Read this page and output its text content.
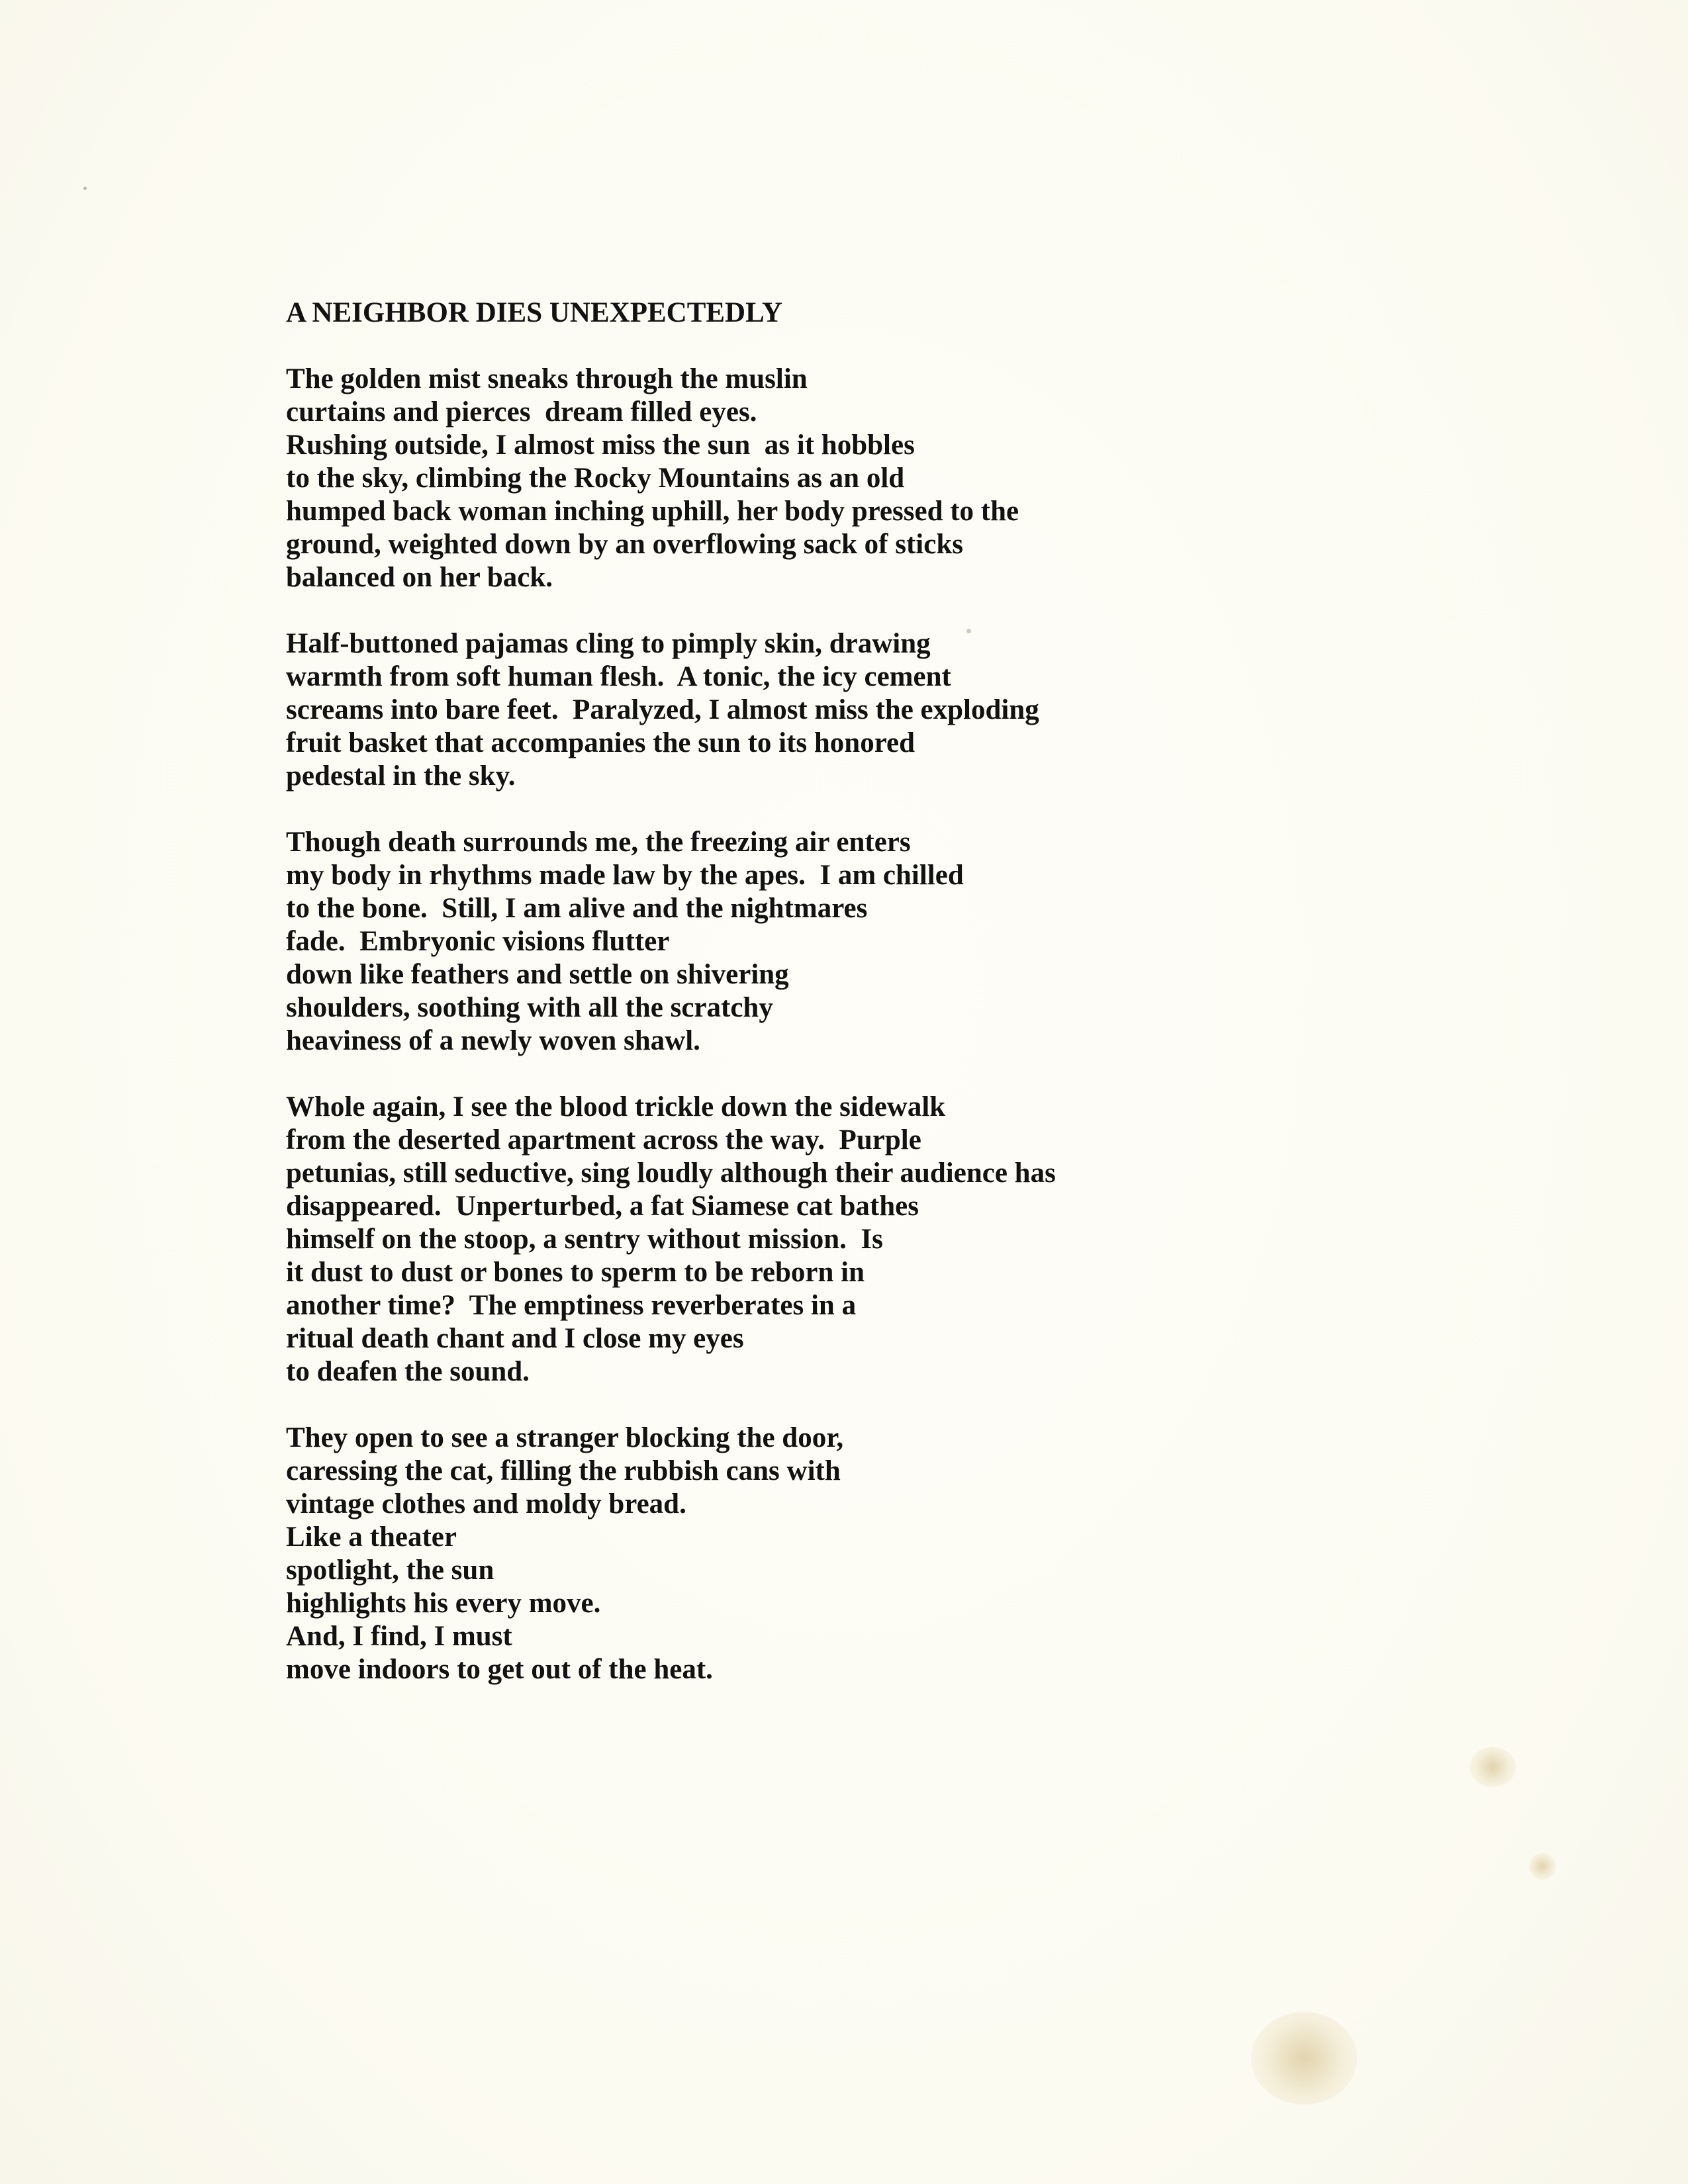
A NEIGHBOR DIES UNEXPECTEDLY
The golden mist sneaks through the muslin
curtains and pierces  dream filled eyes.
Rushing outside, I almost miss the sun  as it hobbles
to the sky, climbing the Rocky Mountains as an old
humped back woman inching uphill, her body pressed to the
ground, weighted down by an overflowing sack of sticks
balanced on her back.
Half-buttoned pajamas cling to pimply skin, drawing
warmth from soft human flesh.  A tonic, the icy cement
screams into bare feet.  Paralyzed, I almost miss the exploding
fruit basket that accompanies the sun to its honored
pedestal in the sky.
Though death surrounds me, the freezing air enters
my body in rhythms made law by the apes.  I am chilled
to the bone.  Still, I am alive and the nightmares
fade.  Embryonic visions flutter
down like feathers and settle on shivering
shoulders, soothing with all the scratchy
heaviness of a newly woven shawl.
Whole again, I see the blood trickle down the sidewalk
from the deserted apartment across the way.  Purple
petunias, still seductive, sing loudly although their audience has
disappeared.  Unperturbed, a fat Siamese cat bathes
himself on the stoop, a sentry without mission.  Is
it dust to dust or bones to sperm to be reborn in
another time?  The emptiness reverberates in a
ritual death chant and I close my eyes
to deafen the sound.
They open to see a stranger blocking the door,
caressing the cat, filling the rubbish cans with
vintage clothes and moldy bread.
Like a theater
spotlight, the sun
highlights his every move.
And, I find, I must
move indoors to get out of the heat.
